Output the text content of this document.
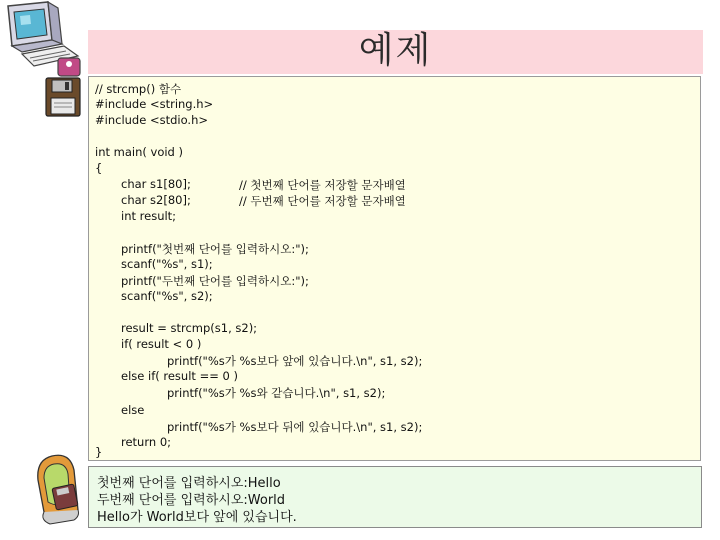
예제
// strcmp() 함수
#include <string.h>
#include <stdio.h>
int main( void )
{
char s1[80];	// 첫번째 단어를 저장할 문자배열
char s2[80];	// 두번째 단어를 저장할 문자배열
int result;
printf("첫번째 단어를 입력하시오:");
scanf("%s", s1);
printf("두번째 단어를 입력하시오:");
scanf("%s", s2);
result = strcmp(s1, s2);
if( result < 0 )
printf("%s가 %s보다 앞에 있습니다.\n", s1, s2);
else if( result == 0 )
printf("%s가 %s와 같습니다.\n", s1, s2);
else
printf("%s가 %s보다 뒤에 있습니다.\n", s1, s2);
return 0;
}
첫번째 단어를 입력하시오:Hello
두번째 단어를 입력하시오:World
Hello가 World보다 앞에 있습니다.
